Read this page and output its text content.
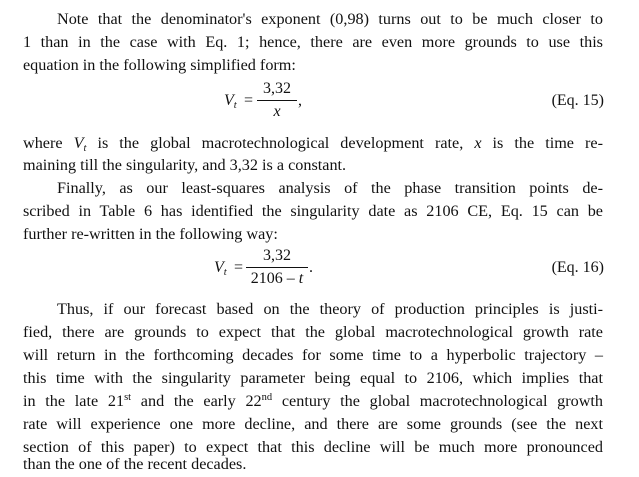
Note that the denominator's exponent (0,98) turns out to be much closer to
1 than in the case with Eq. 1; hence, there are even more grounds to use this
equation in the following simplified form:
$V_t$ =
3,32
x
,	(Eq. 15)
where $V_t$ is the global macrotechnological development rate, x is the time re-
maining till the singularity, and 3,32 is a constant.
Finally, as our least-squares analysis of the phase transition points de-
scribed in Table 6 has identified the singularity date as 2106 CE, Eq. 15 can be
further re-written in the following way:
$V_t$ =
3,32
2106 – t
.	(Eq. 16)
Thus, if our forecast based on the theory of production principles is justi-
fied, there are grounds to expect that the global macrotechnological growth rate
will return in the forthcoming decades for some time to a hyperbolic trajectory –
this time with the singularity parameter being equal to 2106, which implies that
in the late 21st and the early 22nd century the global macrotechnological growth
rate will experience one more decline, and there are some grounds (see the next
section of this paper) to expect that this decline will be much more pronounced
than the one of the recent decades.
